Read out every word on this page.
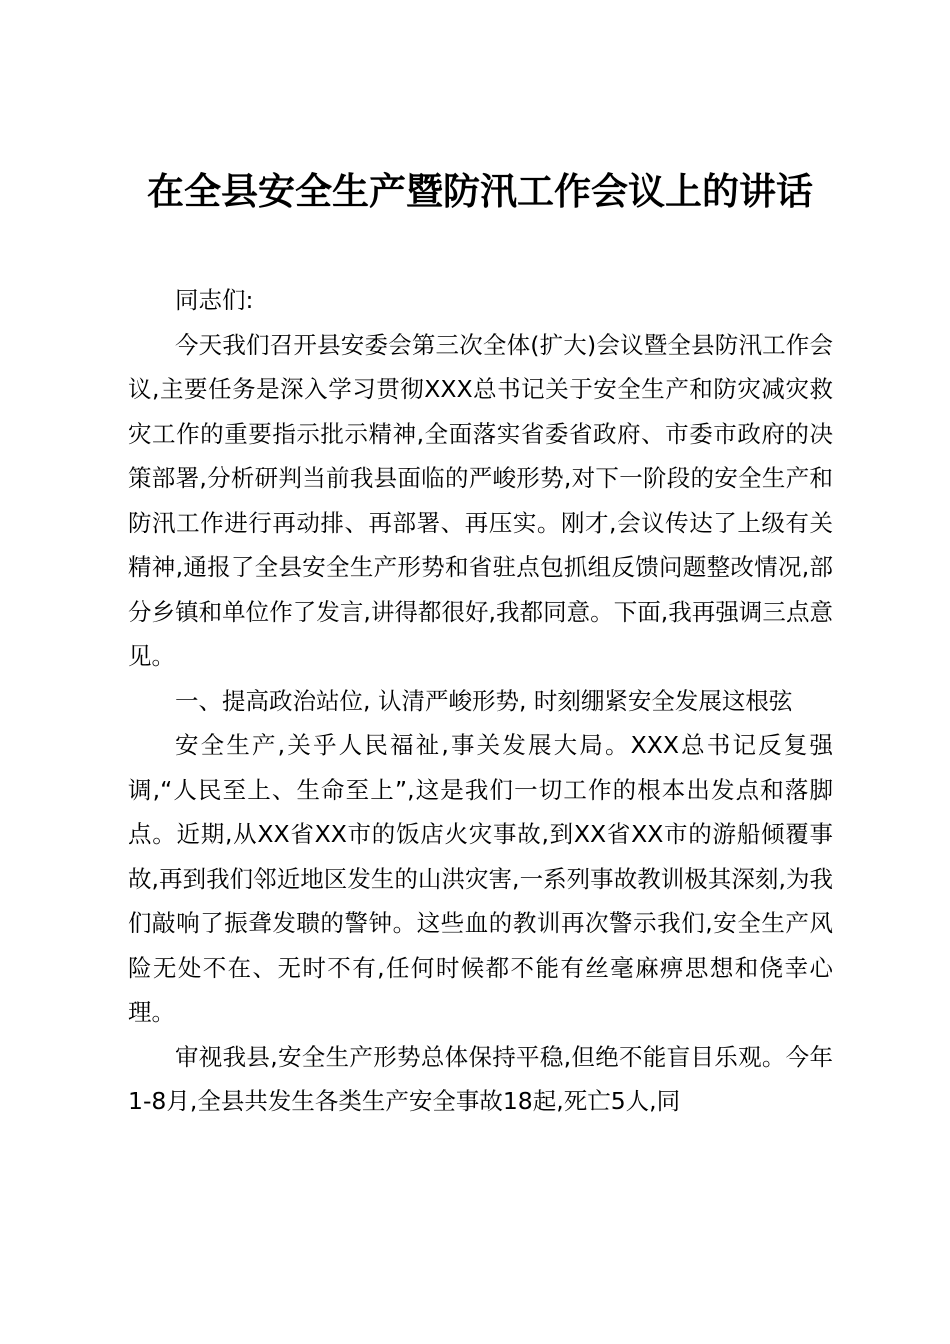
在全县安全生产暨防汛工作会议上的讲话

同志们:

今天我们召开县安委会第三次全体(扩大)会议暨全县防汛工作会议,主要任务是深入学习贯彻XXX总书记关于安全生产和防灾减灾救灾工作的重要指示批示精神,全面落实省委省政府、市委市政府的决策部署,分析研判当前我县面临的严峻形势,对下一阶段的安全生产和防汛工作进行再动排、再部署、再压实。刚才,会议传达了上级有关精神,通报了全县安全生产形势和省驻点包抓组反馈问题整改情况,部分乡镇和单位作了发言,讲得都很好,我都同意。下面,我再强调三点意见。

一、提高政治站位, 认清严峻形势, 时刻绷紧安全发展这根弦

安全生产,关乎人民福祉,事关发展大局。XXX总书记反复强调,“人民至上、生命至上”,这是我们一切工作的根本出发点和落脚点。近期,从XX省XX市的饭店火灾事故,到XX省XX市的游船倾覆事故,再到我们邻近地区发生的山洪灾害,一系列事故教训极其深刻,为我们敲响了振聋发聩的警钟。这些血的教训再次警示我们,安全生产风险无处不在、无时不有,任何时候都不能有丝毫麻痹思想和侥幸心理。

审视我县,安全生产形势总体保持平稳,但绝不能盲目乐观。今年1-8月,全县共发生各类生产安全事故18起,死亡5人,同
